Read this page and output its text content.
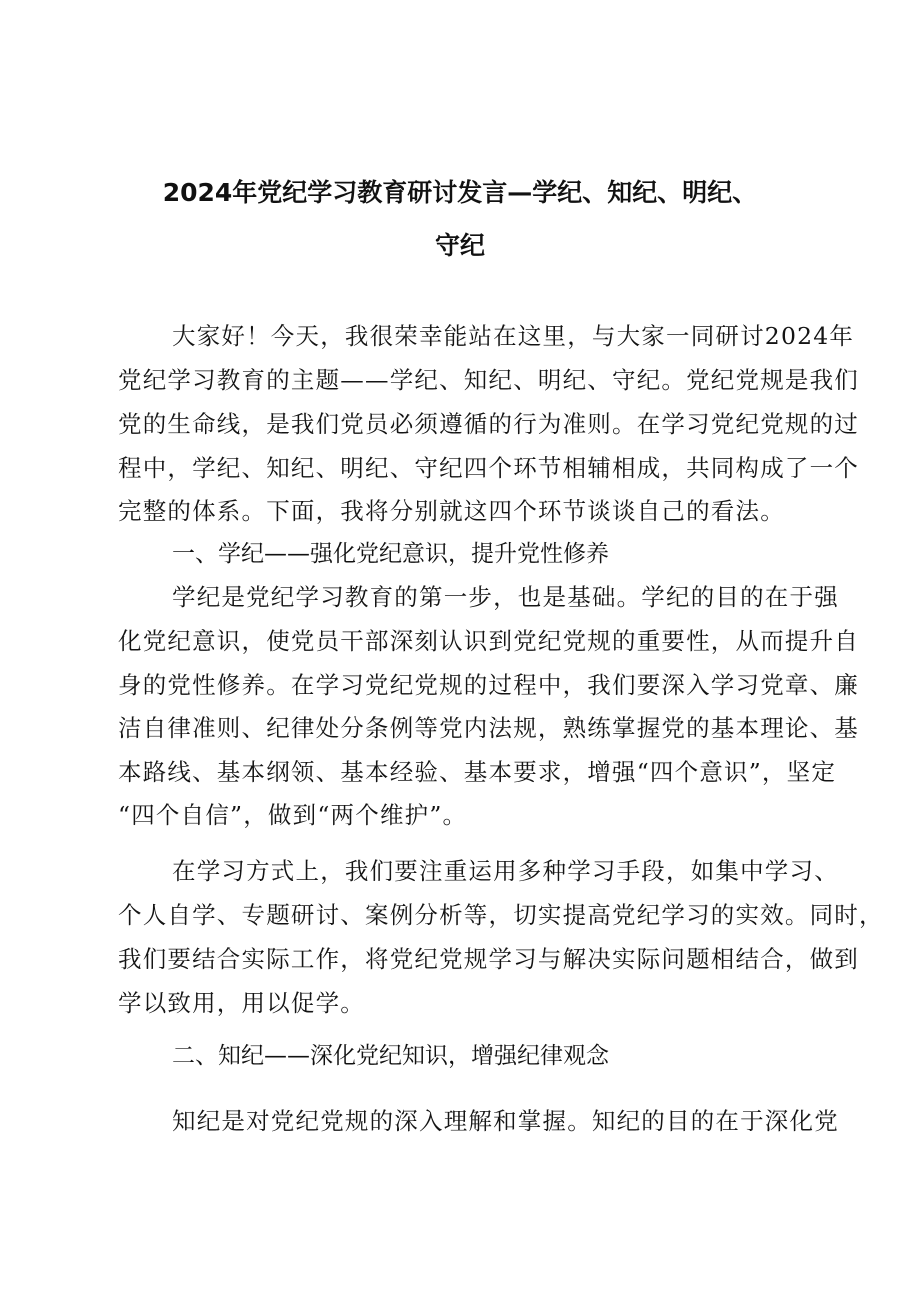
2024年党纪学习教育研讨发言—学纪、知纪、明纪、
守纪
大家好！今天，我很荣幸能站在这里，与大家一同研讨2024年
党纪学习教育的主题——学纪、知纪、明纪、守纪。党纪党规是我们
党的生命线，是我们党员必须遵循的行为准则。在学习党纪党规的过
程中，学纪、知纪、明纪、守纪四个环节相辅相成，共同构成了一个
完整的体系。下面，我将分别就这四个环节谈谈自己的看法。
一、学纪——强化党纪意识，提升党性修养
学纪是党纪学习教育的第一步，也是基础。学纪的目的在于强
化党纪意识，使党员干部深刻认识到党纪党规的重要性，从而提升自
身的党性修养。在学习党纪党规的过程中，我们要深入学习党章、廉
洁自律准则、纪律处分条例等党内法规，熟练掌握党的基本理论、基
本路线、基本纲领、基本经验、基本要求，增强“四个意识”，坚定
“四个自信”，做到“两个维护”。
在学习方式上，我们要注重运用多种学习手段，如集中学习、
个人自学、专题研讨、案例分析等，切实提高党纪学习的实效。同时，
我们要结合实际工作，将党纪党规学习与解决实际问题相结合，做到
学以致用，用以促学。
二、知纪——深化党纪知识，增强纪律观念
知纪是对党纪党规的深入理解和掌握。知纪的目的在于深化党
